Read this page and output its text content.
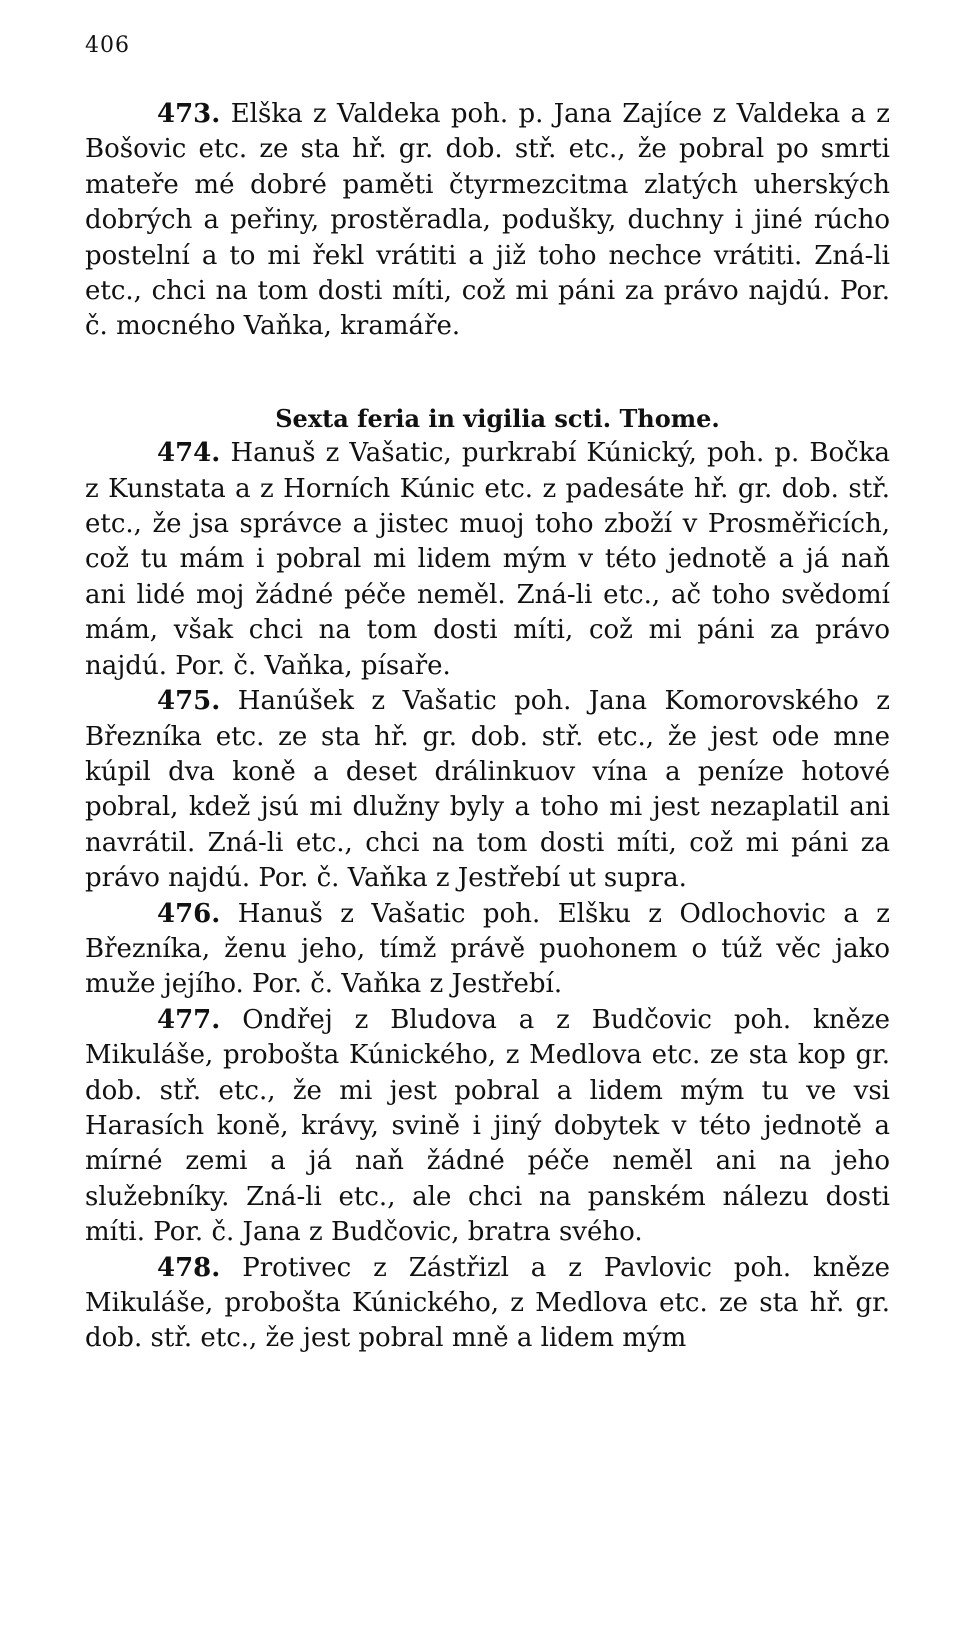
406

473. Elška z Valdeka poh. p. Jana Zajíce z Valdeka a z Bošovic etc. ze sta hř. gr. dob. stř. etc., že pobral po smrti mateře mé dobré paměti čtyrmezcitma zlatých uherských dobrých a peřiny, prostěradla, podušky, duchny i jiné rúcho postelní a to mi řekl vrátiti a již toho nechce vrátiti. Zná-li etc., chci na tom dosti míti, což mi páni za právo najdú. Por. č. mocného Vaňka, kramáře.

Sexta feria in vigilia scti. Thome.

474. Hanuš z Vašatic, purkrabí Kúnický, poh. p. Bočka z Kunstata a z Horních Kúnic etc. z padesáte hř. gr. dob. stř. etc., že jsa správce a jistec muoj toho zboží v Prosměřicích, což tu mám i pobral mi lidem mým v této jednotě a já naň ani lidé moj žádné péče neměl. Zná-li etc., ač toho svědomí mám, však chci na tom dosti míti, což mi páni za právo najdú. Por. č. Vaňka, písaře.

475. Hanúšek z Vašatic poh. Jana Komorovského z Březníka etc. ze sta hř. gr. dob. stř. etc., že jest ode mne kúpil dva koně a deset drálinkuov vína a peníze hotové pobral, kdež jsú mi dlužny byly a toho mi jest nezaplatil ani navrátil. Zná-li etc., chci na tom dosti míti, což mi páni za právo najdú. Por. č. Vaňka z Jestřebí ut supra.

476. Hanuš z Vašatic poh. Elšku z Odlochovic a z Březníka, ženu jeho, tímž právě puohonem o túž věc jako muže jejího. Por. č. Vaňka z Jestřebí.

477. Ondřej z Bludova a z Budčovic poh. kněze Mikuláše, probošta Kúnického, z Medlova etc. ze sta kop gr. dob. stř. etc., že mi jest pobral a lidem mým tu ve vsi Harasích koně, krávy, svině i jiný dobytek v této jednotě a mírné zemi a já naň žádné péče neměl ani na jeho služebníky. Zná-li etc., ale chci na panském nálezu dosti míti. Por. č. Jana z Budčovic, bratra svého.

478. Protivec z Zástřizl a z Pavlovic poh. kněze Mikuláše, probošta Kúnického, z Medlova etc. ze sta hř. gr. dob. stř. etc., že jest pobral mně a lidem mým
